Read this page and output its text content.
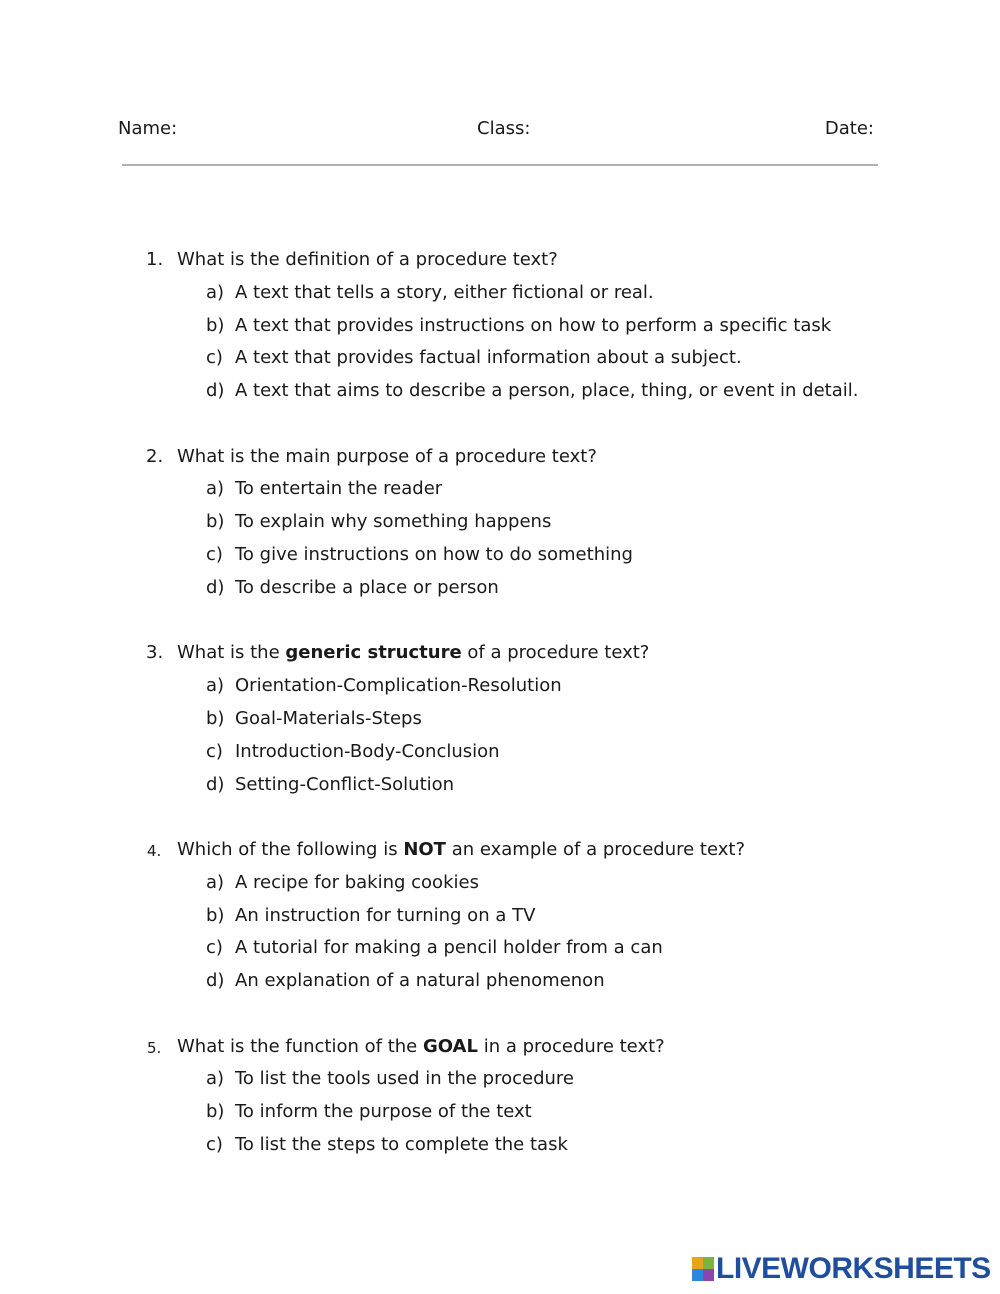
Name:	Class:	Date:
1. What is the definition of a procedure text?
a) A text that tells a story, either fictional or real.
b) A text that provides instructions on how to perform a specific task
c) A text that provides factual information about a subject.
d) A text that aims to describe a person, place, thing, or event in detail.
2. What is the main purpose of a procedure text?
a) To entertain the reader
b) To explain why something happens
c) To give instructions on how to do something
d) To describe a place or person
3. What is the generic structure of a procedure text?
a) Orientation-Complication-Resolution
b) Goal-Materials-Steps
c) Introduction-Body-Conclusion
d) Setting-Conflict-Solution
4. Which of the following is NOT an example of a procedure text?
a) A recipe for baking cookies
b) An instruction for turning on a TV
c) A tutorial for making a pencil holder from a can
d) An explanation of a natural phenomenon
5. What is the function of the GOAL in a procedure text?
a) To list the tools used in the procedure
b) To inform the purpose of the text
c) To list the steps to complete the task
LIVEWORKSHEETS
